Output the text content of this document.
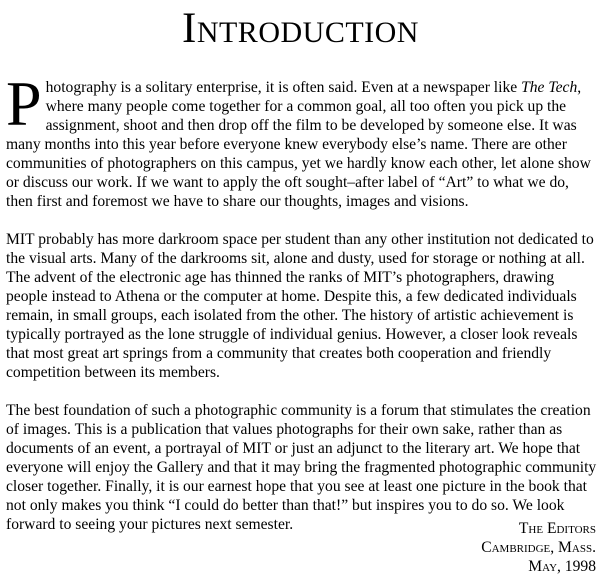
Introduction

Photography is a solitary enterprise, it is often said. Even at a newspaper like The Tech, where many people come together for a common goal, all too often you pick up the assignment, shoot and then drop off the film to be developed by someone else. It was many months into this year before everyone knew everybody else’s name. There are other communities of photographers on this campus, yet we hardly know each other, let alone show or discuss our work. If we want to apply the oft sought–after label of “Art” to what we do, then first and foremost we have to share our thoughts, images and visions.

MIT probably has more darkroom space per student than any other institution not dedicated to the visual arts. Many of the darkrooms sit, alone and dusty, used for storage or nothing at all. The advent of the electronic age has thinned the ranks of MIT’s photographers, drawing people instead to Athena or the computer at home. Despite this, a few dedicated individuals remain, in small groups, each isolated from the other. The history of artistic achievement is typically portrayed as the lone struggle of individual genius. However, a closer look reveals that most great art springs from a community that creates both cooperation and friendly competition between its members.

The best foundation of such a photographic community is a forum that stimulates the creation of images. This is a publication that values photographs for their own sake, rather than as documents of an event, a portrayal of MIT or just an adjunct to the literary art. We hope that everyone will enjoy the Gallery and that it may bring the fragmented photographic community closer together. Finally, it is our earnest hope that you see at least one picture in the book that not only makes you think “I could do better than that!” but inspires you to do so. We look forward to seeing your pictures next semester.	The Editors
Cambridge, Mass.
May, 1998
